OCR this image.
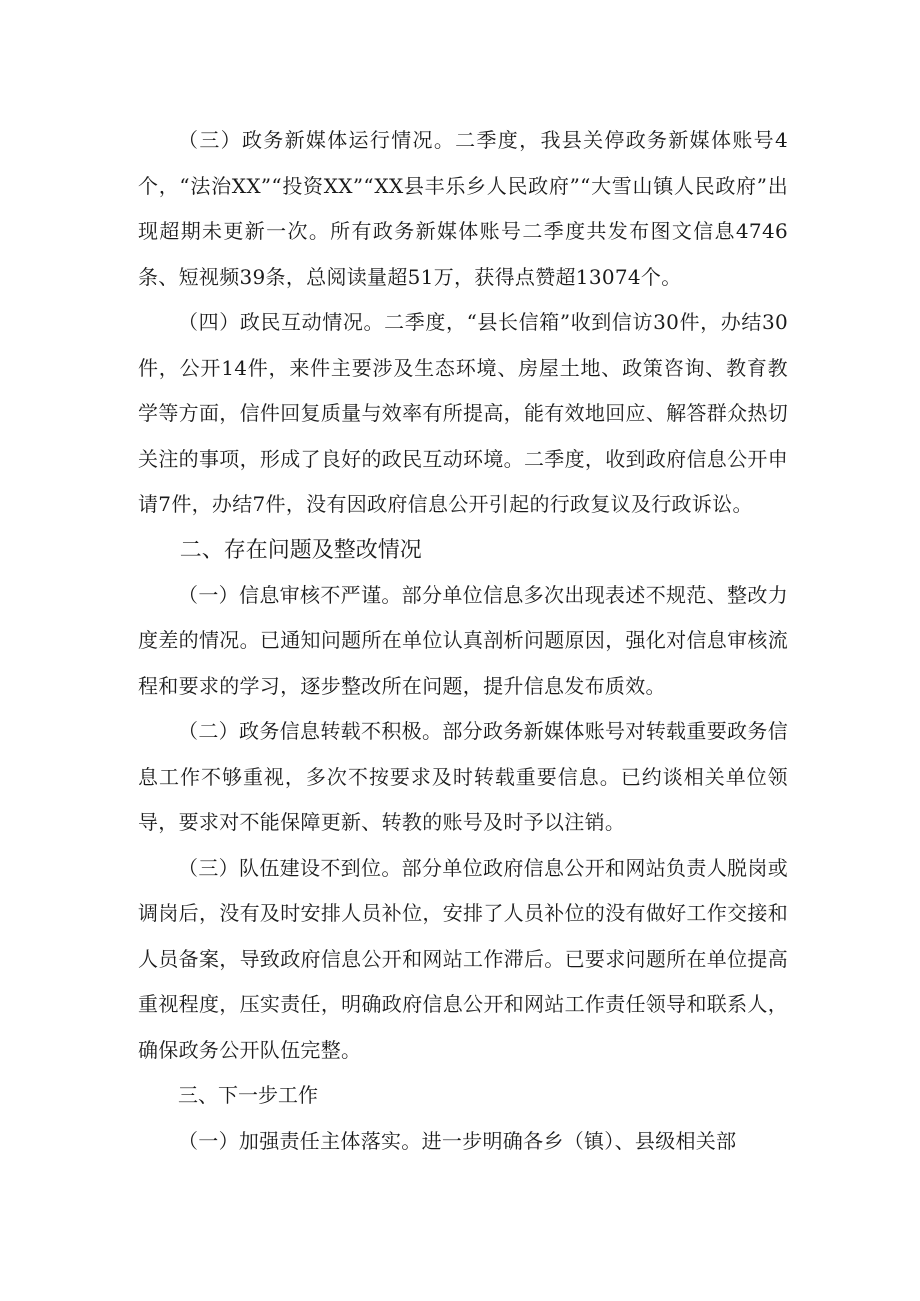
（三）政务新媒体运行情况。二季度，我县关停政务新媒体账号4个，“法治XX”“投资XX”“XX县丰乐乡人民政府”“大雪山镇人民政府”出现超期未更新一次。所有政务新媒体账号二季度共发布图文信息4746条、短视频39条，总阅读量超51万，获得点赞超13074个。

（四）政民互动情况。二季度，“县长信箱”收到信访30件，办结30件，公开14件，来件主要涉及生态环境、房屋土地、政策咨询、教育教学等方面，信件回复质量与效率有所提高，能有效地回应、解答群众热切关注的事项，形成了良好的政民互动环境。二季度，收到政府信息公开申请7件，办结7件，没有因政府信息公开引起的行政复议及行政诉讼。

二、存在问题及整改情况

（一）信息审核不严谨。部分单位信息多次出现表述不规范、整改力度差的情况。已通知问题所在单位认真剖析问题原因，强化对信息审核流程和要求的学习，逐步整改所在问题，提升信息发布质效。

（二）政务信息转载不积极。部分政务新媒体账号对转载重要政务信息工作不够重视，多次不按要求及时转载重要信息。已约谈相关单位领导，要求对不能保障更新、转教的账号及时予以注销。

（三）队伍建设不到位。部分单位政府信息公开和网站负责人脱岗或调岗后，没有及时安排人员补位，安排了人员补位的没有做好工作交接和人员备案，导致政府信息公开和网站工作滞后。已要求问题所在单位提高重视程度，压实责任，明确政府信息公开和网站工作责任领导和联系人，确保政务公开队伍完整。

三、下一步工作

（一）加强责任主体落实。进一步明确各乡（镇）、县级相关部
